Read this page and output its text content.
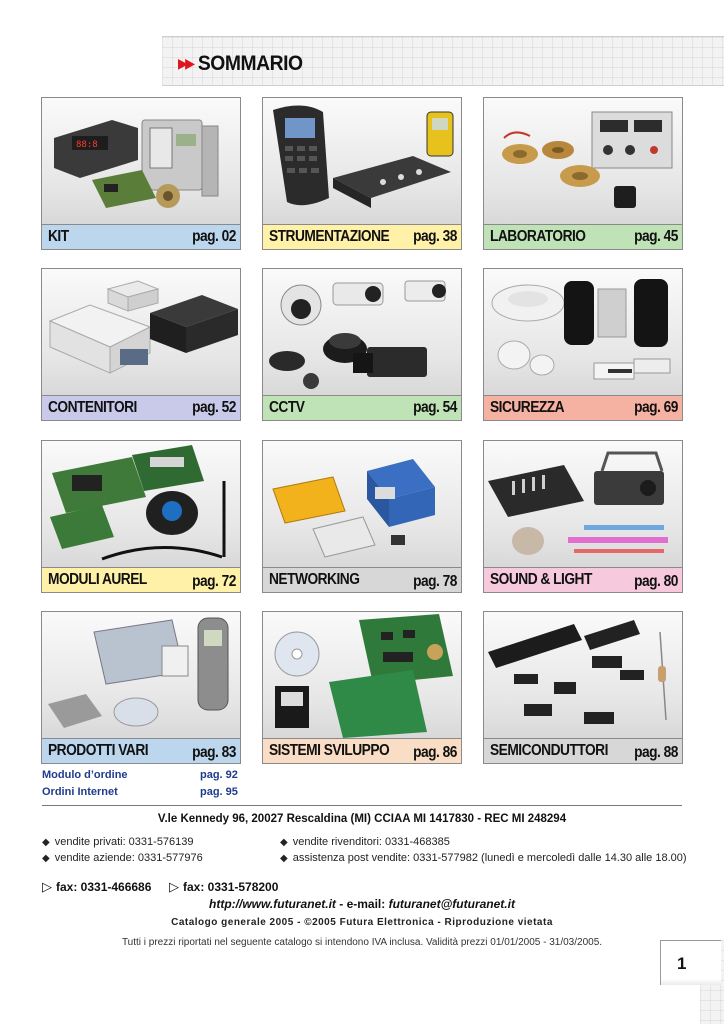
▶▶ SOMMARIO
88:8
KIT	pag. 02 STRUMENTAZIONE pag. 38 LABORATORIO	pag. 45
CONTENITORI	pag. 52 CCTV	pag. 54 SICUREZZA	pag. 69
MODULI AUREL	pag. 72 NETWORKING	pag. 78 SOUND & LIGHT	pag. 80
PRODOTTI VARI	pag. 83 SISTEMI SVILUPPO pag. 86 SEMICONDUTTORI pag. 88
Modulo d’ordine	pag. 92
Ordini Internet	pag. 95
V.le Kennedy 96, 20027 Rescaldina (MI) CCIAA MI 1417830 - REC MI 248294
◆ vendite privati: 0331-576139
◆ vendite aziende: 0331-577976
◆ vendite rivenditori: 0331-468385
◆ assistenza post vendite: 0331-577982 (lunedì e mercoledì dalle 14.30 alle 18.00)
▷ fax: 0331-466686 ▷ fax: 0331-578200
http://www.futuranet.it - e-mail: futuranet@futuranet.it
Catalogo generale 2005 - ©2005 Futura Elettronica - Riproduzione vietata
Tutti i prezzi riportati nel seguente catalogo si intendono IVA inclusa. Validità prezzi 01/01/2005 - 31/03/2005.
1
